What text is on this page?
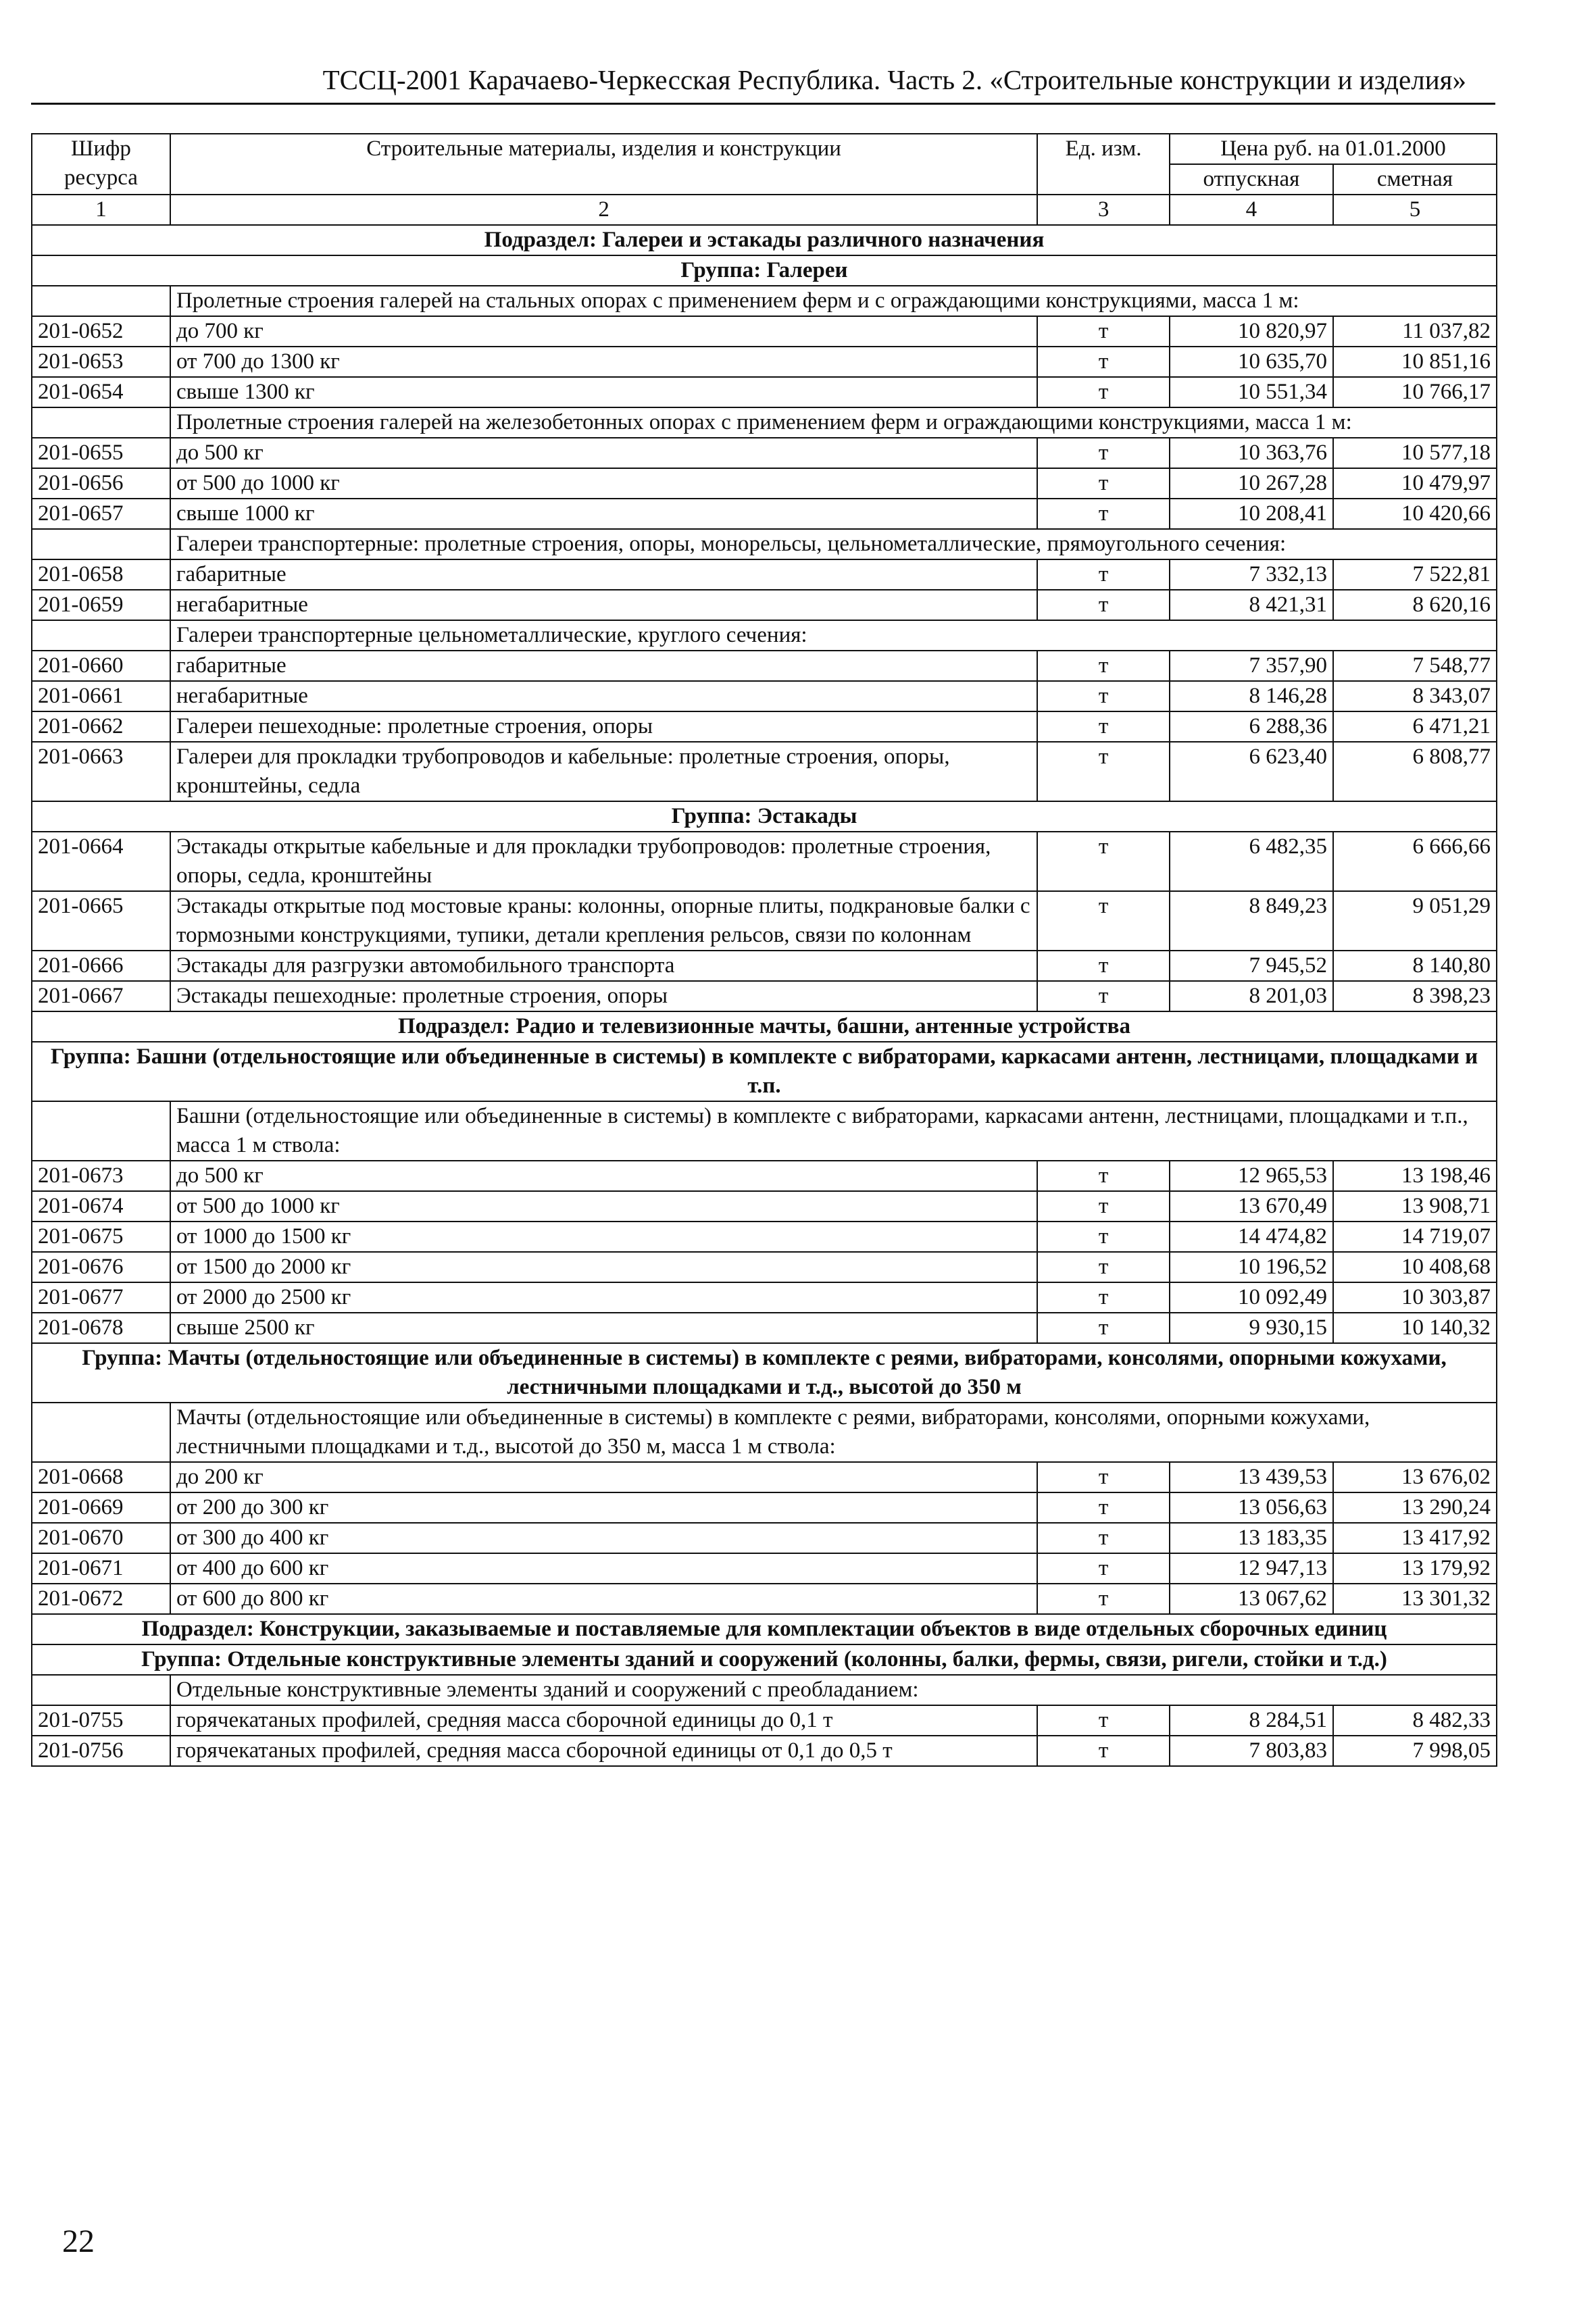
ТССЦ-2001 Карачаево-Черкесская Республика. Часть 2. «Строительные конструкции и изделия»
Шифр ресурса	Строительные материалы, изделия и конструкции	Ед. изм.	Цена руб. на 01.01.2000	
			отпускная	сметная
1	2	3	4	5
Подраздел: Галереи и эстакады различного назначения				
Группа: Галереи				
	Пролетные строения галерей на стальных опорах с применением ферм и с ограждающими конструкциями, масса 1 м:			
201-0652	до 700 кг	т	10 820,97	11 037,82
201-0653	от 700 до 1300 кг	т	10 635,70	10 851,16
201-0654	свыше 1300 кг	т	10 551,34	10 766,17
	Пролетные строения галерей на железобетонных опорах с применением ферм и ограждающими конструкциями, масса 1 м:			
201-0655	до 500 кг	т	10 363,76	10 577,18
201-0656	от 500 до 1000 кг	т	10 267,28	10 479,97
201-0657	свыше 1000 кг	т	10 208,41	10 420,66
	Галереи транспортерные: пролетные строения, опоры, монорельсы, цельнометаллические, прямоугольного сечения:			
201-0658	габаритные	т	7 332,13	7 522,81
201-0659	негабаритные	т	8 421,31	8 620,16
	Галереи транспортерные цельнометаллические, круглого сечения:			
201-0660	габаритные	т	7 357,90	7 548,77
201-0661	негабаритные	т	8 146,28	8 343,07
201-0662	Галереи пешеходные: пролетные строения, опоры	т	6 288,36	6 471,21
201-0663	Галереи для прокладки трубопроводов и кабельные: пролетные строения, опоры, кронштейны, седла	т	6 623,40	6 808,77
Группа: Эстакады				
201-0664	Эстакады открытые кабельные и для прокладки трубопроводов: пролетные строения, опоры, седла, кронштейны	т	6 482,35	6 666,66
201-0665	Эстакады открытые под мостовые краны: колонны, опорные плиты, подкрановые балки с тормозными конструкциями, тупики, детали крепления рельсов, связи по колоннам	т	8 849,23	9 051,29
201-0666	Эстакады для разгрузки автомобильного транспорта	т	7 945,52	8 140,80
201-0667	Эстакады пешеходные: пролетные строения, опоры	т	8 201,03	8 398,23
Подраздел: Радио и телевизионные мачты, башни, антенные устройства				
Группа: Башни (отдельностоящие или объединенные в системы) в комплекте с вибраторами, каркасами антенн, лестницами, площадками и т.п.				
	Башни (отдельностоящие или объединенные в системы) в комплекте с вибраторами, каркасами антенн, лестницами, площадками и т.п., масса 1 м ствола:			
201-0673	до 500 кг	т	12 965,53	13 198,46
201-0674	от 500 до 1000 кг	т	13 670,49	13 908,71
201-0675	от 1000 до 1500 кг	т	14 474,82	14 719,07
201-0676	от 1500 до 2000 кг	т	10 196,52	10 408,68
201-0677	от 2000 до 2500 кг	т	10 092,49	10 303,87
201-0678	свыше 2500 кг	т	9 930,15	10 140,32
Группа: Мачты (отдельностоящие или объединенные в системы) в комплекте с реями, вибраторами, консолями, опорными кожухами, лестничными площадками и т.д., высотой до 350 м				
	Мачты (отдельностоящие или объединенные в системы) в комплекте с реями, вибраторами, консолями, опорными кожухами, лестничными площадками и т.д., высотой до 350 м, масса 1 м ствола:			
201-0668	до 200 кг	т	13 439,53	13 676,02
201-0669	от 200 до 300 кг	т	13 056,63	13 290,24
201-0670	от 300 до 400 кг	т	13 183,35	13 417,92
201-0671	от 400 до 600 кг	т	12 947,13	13 179,92
201-0672	от 600 до 800 кг	т	13 067,62	13 301,32
Подраздел: Конструкции, заказываемые и поставляемые для комплектации объектов в виде отдельных сборочных единиц				
Группа: Отдельные конструктивные элементы зданий и сооружений (колонны, балки, фермы, связи, ригели, стойки и т.д.)				
	Отдельные конструктивные элементы зданий и сооружений с преобладанием:			
201-0755	горячекатаных профилей, средняя масса сборочной единицы до 0,1 т	т	8 284,51	8 482,33
201-0756	горячекатаных профилей, средняя масса сборочной единицы от 0,1 до 0,5 т	т	7 803,83	7 998,05
22
